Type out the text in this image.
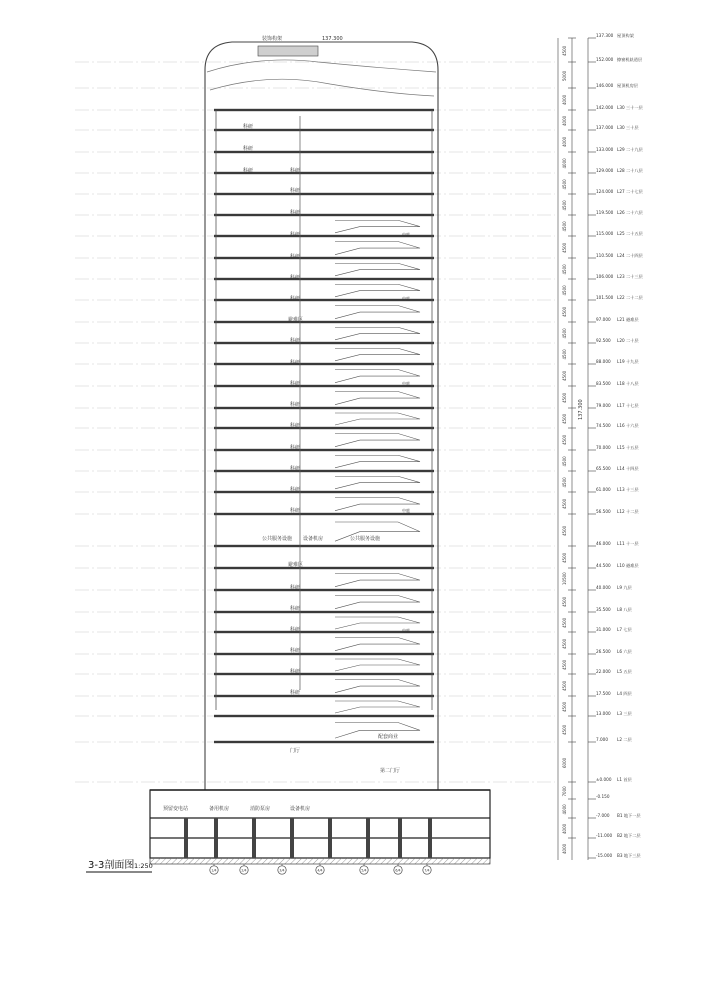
装饰构架	137.300
科研
科研
科研	科研
科研
科研
科研
科研
科研
科研
避难区
科研
科研
科研
科研
科研
科研
科研
科研
科研
公共服务设施 设备机房	公共服务设施
避难区
科研
科研
科研
科研
科研
科研
中庭
中庭
中庭
中庭
中庭
预留变电站	备用机房	消防泵房	设备机房
门厅
配套商业
第二门厅
1/4	2/4	3/4	4/4	5/4	6/4	7/4
137.300
137.300 屋顶构架
152.000 擦窗机轨道层
146.000 屋顶机房层
142.000 L30 三十一层
137.000 L30 三十层
133.000 L29 二十九层
129.000 L28 二十八层
124.000 L27 二十七层
119.500 L26 二十六层
115.000 L25 二十五层
110.500 L24 二十四层
106.000 L23 二十三层
101.500 L22 二十二层
97.000 L21 避难层
92.500 L20 二十层
88.000 L19 十九层
83.500 L18 十八层
79.000 L17 十七层
74.500 L16 十六层
70.000 L15 十五层
65.500 L14 十四层
61.000 L13 十三层
56.500 L12 十二层
46.000 L11 十一层
44.500 L10 避难层
40.000 L9 九层
35.500 L8 八层
31.000 L7 七层
26.500 L6 六层
22.000 L5 五层
17.500 L4 四层
13.000 L3 三层
7.000 L2 二层
±0.000 L1 首层
-0.150
-7.000 B1 地下一层
-11.000 B2 地下二层
-15.000 B3 地下三层
4500
5000
4000
4000
4000
4000
4500
4500
4500
4500
4500
4500
4500
4500
4500
4500
4500
4500
4500
4500
4500
4500
4500
4500
10500
4500
4500
4500
4500
4500
4500
4500
6000
7000
4000
4000
4000
3-3剖面图 1:250
